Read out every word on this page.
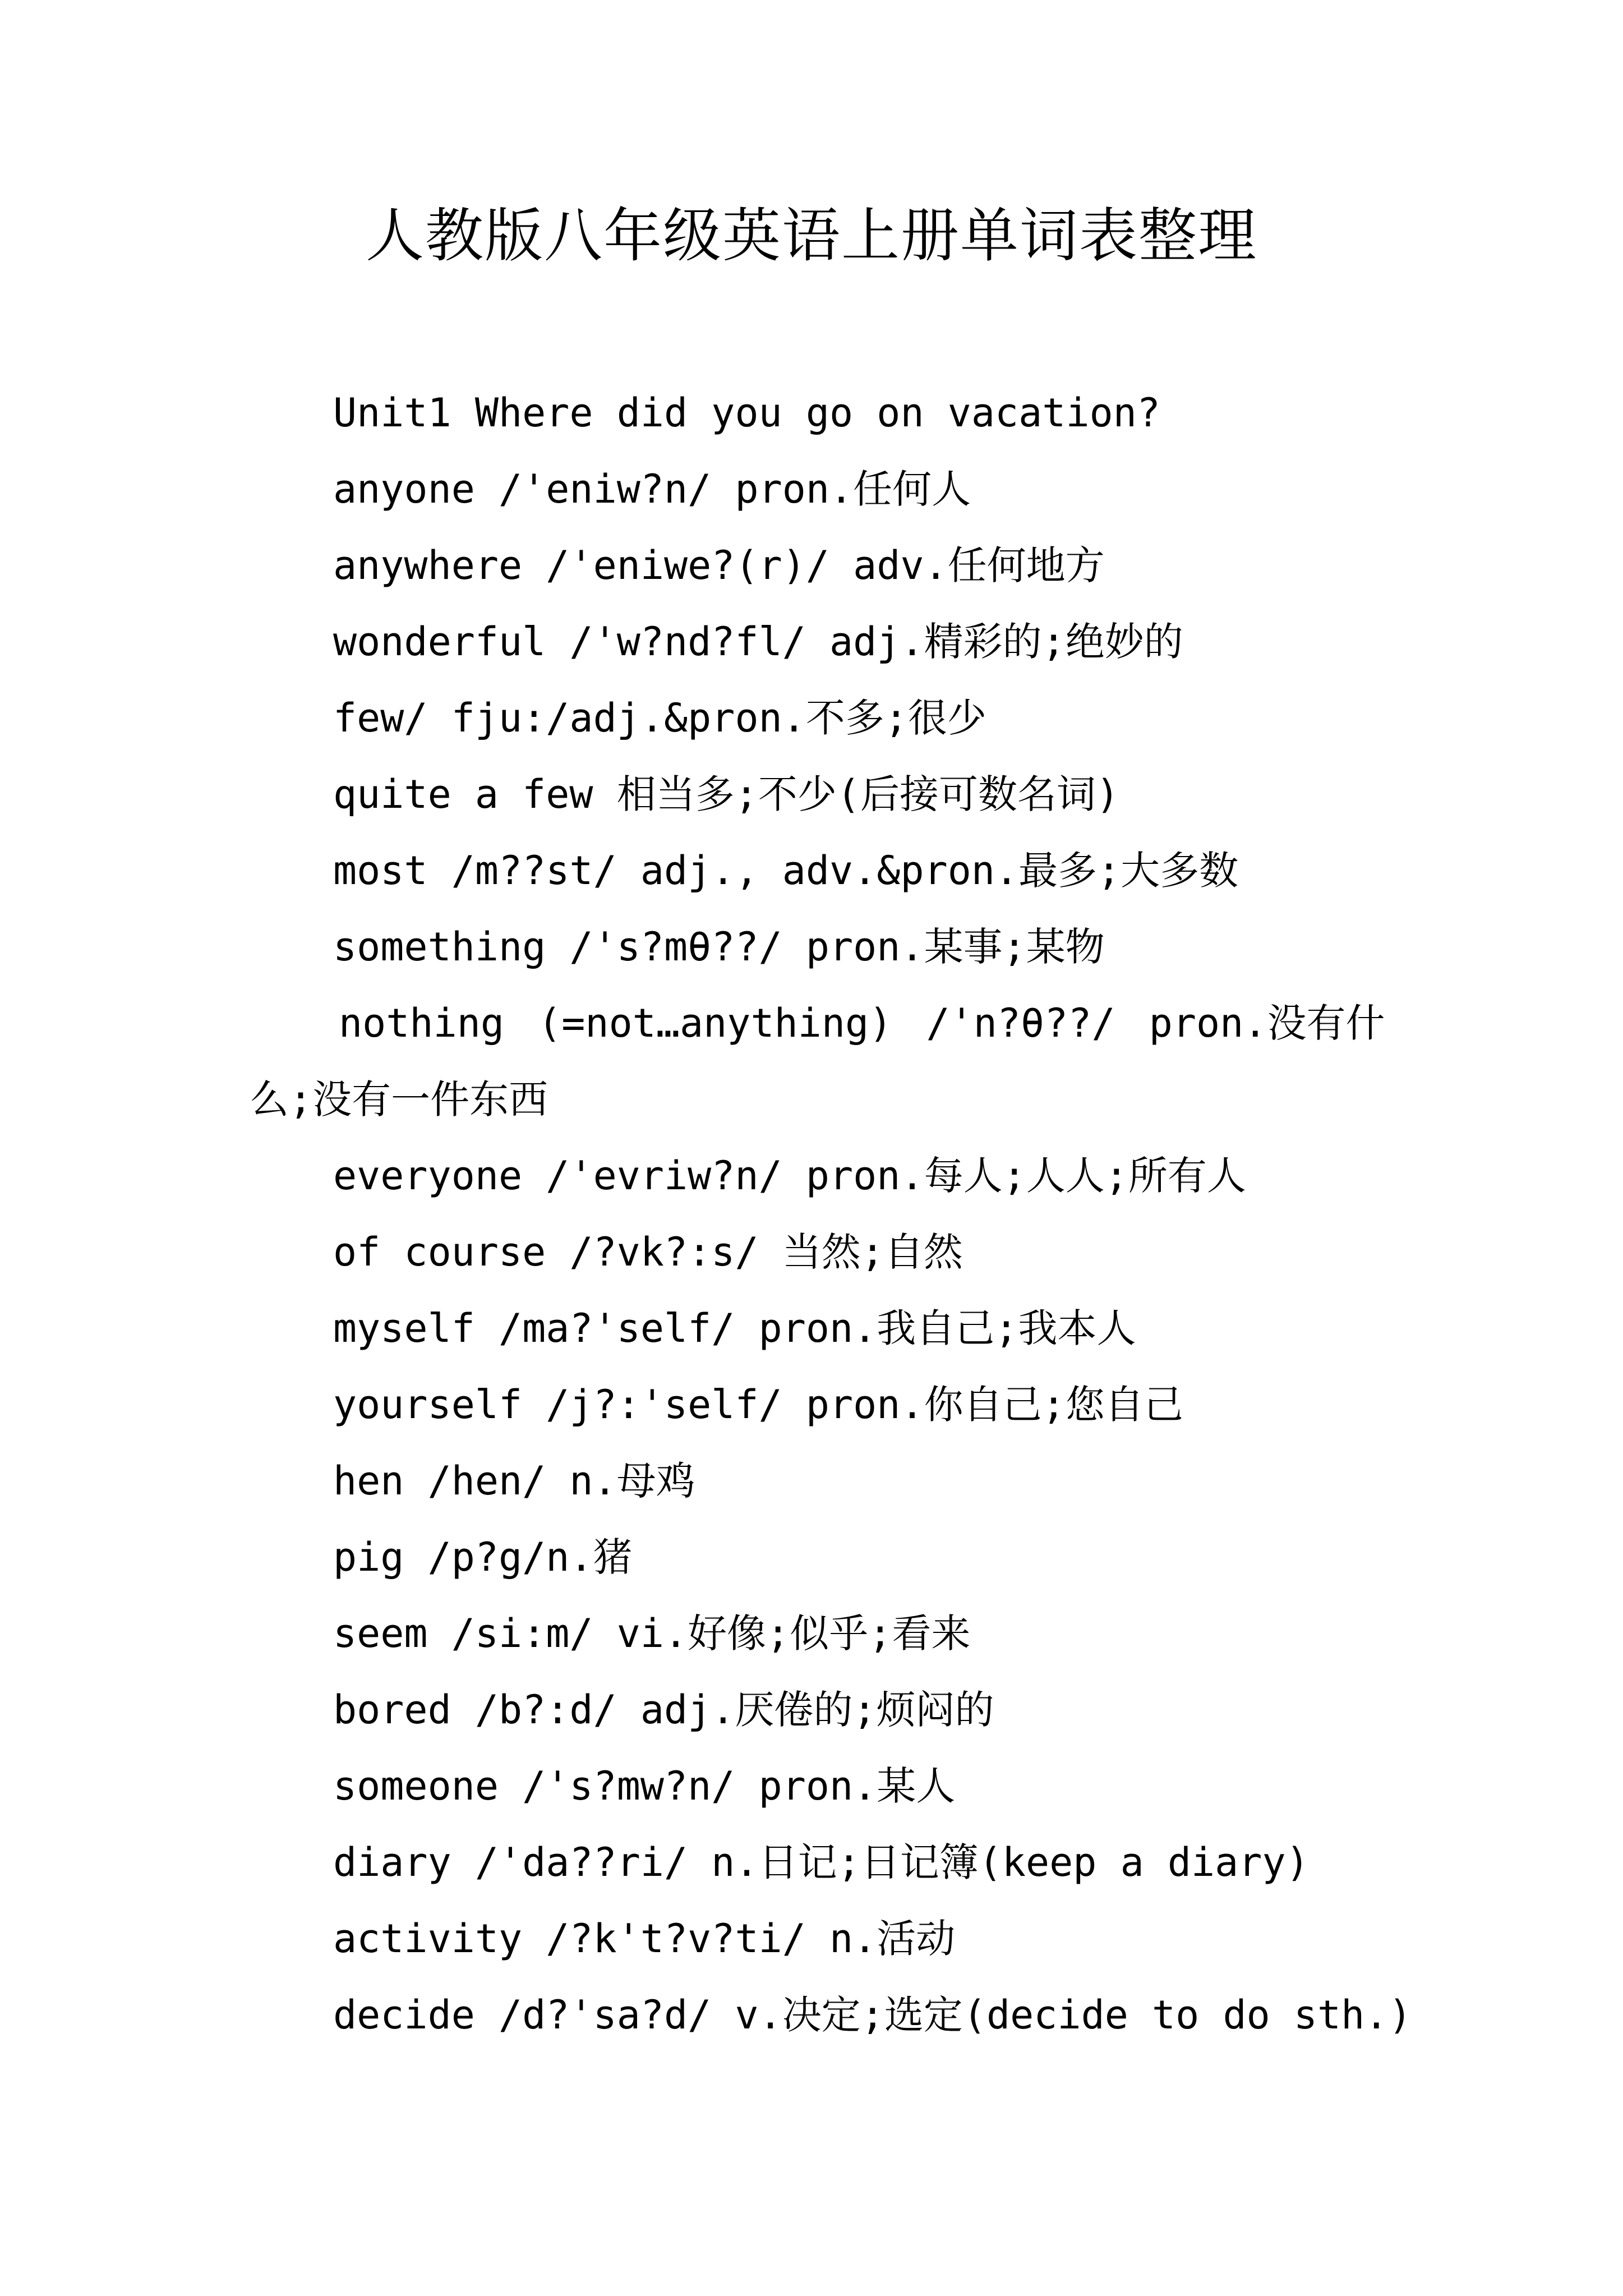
人教版八年级英语上册单词表整理

Unit1 Where did you go on vacation?

anyone /'eniw?n/ pron.任何人

anywhere /'eniwe?(r)/ adv.任何地方

wonderful /'w?nd?fl/ adj.精彩的;绝妙的

few/ fju:/adj.&pron.不多;很少

quite a few 相当多;不少(后接可数名词)

most /m??st/ adj., adv.&pron.最多;大多数

something /'s?mθ??/ pron.某事;某物

nothing (=not…anything) /'n?θ??/ pron.没有什

么;没有一件东西

everyone /'evriw?n/ pron.每人;人人;所有人

of course /?vk?:s/ 当然;自然

myself /ma?'self/ pron.我自己;我本人

yourself /j?:'self/ pron.你自己;您自己

hen /hen/ n.母鸡

pig /p?g/n.猪

seem /si:m/ vi.好像;似乎;看来

bored /b?:d/ adj.厌倦的;烦闷的

someone /'s?mw?n/ pron.某人

diary /'da??ri/ n.日记;日记簿(keep a diary)

activity /?k't?v?ti/ n.活动

decide /d?'sa?d/ v.决定;选定(decide to do sth.)
